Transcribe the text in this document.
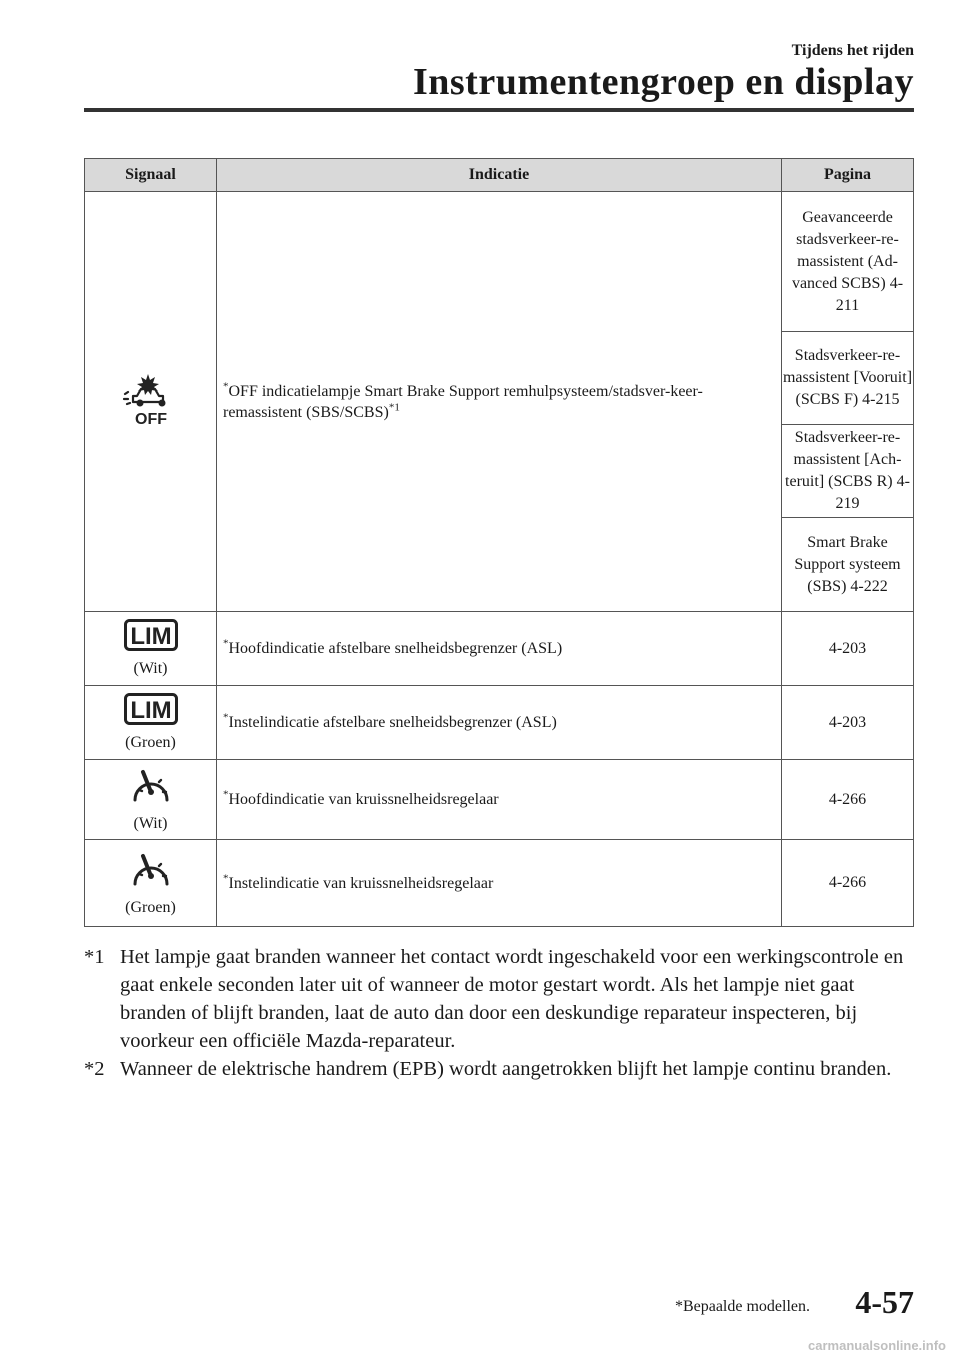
Tijdens het rijden
Instrumentengroep en display
Signaal	Indicatie	Pagina

OFF	*OFF indicatielampje Smart Brake Support remhulpsysteem/stadsver-keer-remassistent (SBS/SCBS)$^{*1}$	Geavanceerde stadsverkeer-re-massistent (Ad-vanced SCBS) 4-211
		Stadsverkeer-re-massistent [Vooruit] (SCBS F) 4-215
		Stadsverkeer-re-massistent [Ach-teruit] (SCBS R) 4-219
		Smart Brake Support systeem (SBS) 4-222

LIM
(Wit)	*Hoofdindicatie afstelbare snelheidsbegrenzer (ASL)	4-203

LIM
(Groen)	*Instelindicatie afstelbare snelheidsbegrenzer (ASL)	4-203

(Wit)	*Hoofdindicatie van kruissnelheidsregelaar	4-266

(Groen)	*Instelindicatie van kruissnelheidsregelaar	4-266
*1 Het lampje gaat branden wanneer het contact wordt ingeschakeld voor een werkingscontrole en gaat enkele seconden later uit of wanneer de motor gestart wordt. Als het lampje niet gaat branden of blijft branden, laat de auto dan door een deskundige reparateur inspecteren, bij voorkeur een officiële Mazda-reparateur.
*2 Wanneer de elektrische handrem (EPB) wordt aangetrokken blijft het lampje continu branden.
*Bepaalde modellen. 4-57
carmanualsonline.info
